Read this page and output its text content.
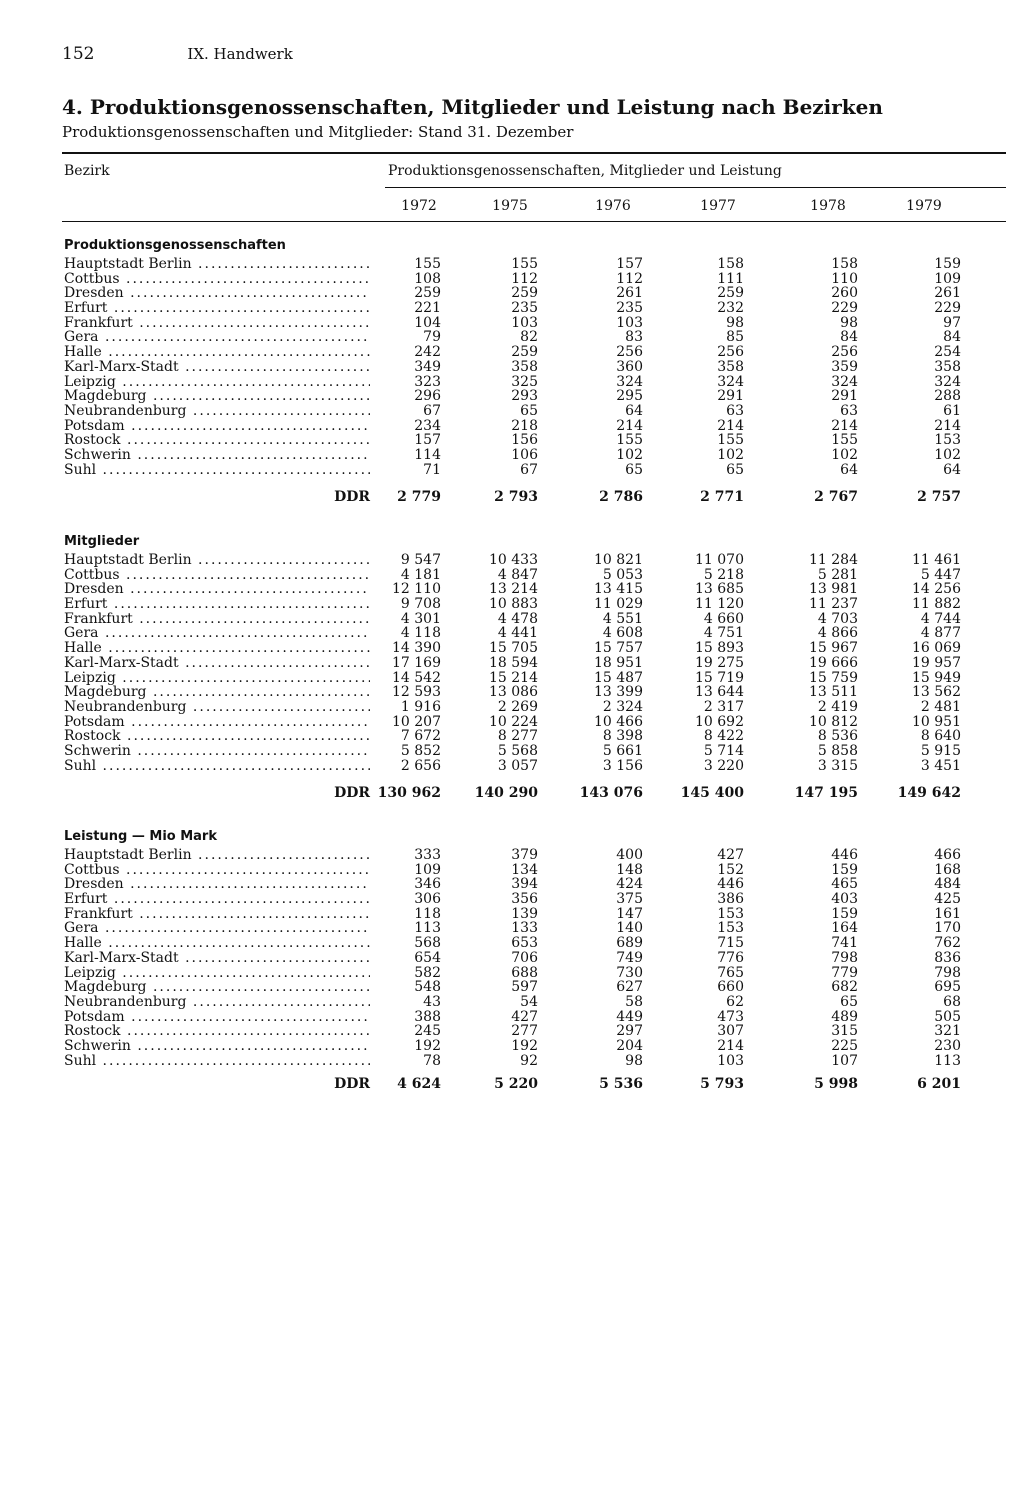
152	IX. Handwerk
4. Produktionsgenossenschaften, Mitglieder und Leistung nach Bezirken
Produktionsgenossenschaften und Mitglieder: Stand 31. Dezember
Bezirk	Produktionsgenossenschaften, Mitglieder und Leistung
1972	1975	1976	1977	1978	1979
Produktionsgenossenschaften
Hauptstadt Berlin .....	155	155	157	158	158	159
Cottbus .....	108	112	112	111	110	109
Dresden .....	259	259	261	259	260	261
Erfurt .....	221	235	235	232	229	229
Frankfurt .....	104	103	103	98	98	97
Gera .....	79	82	83	85	84	84
Halle .....	242	259	256	256	256	254
Karl-Marx-Stadt .....	349	358	360	358	359	358
Leipzig .....	323	325	324	324	324	324
Magdeburg .....	296	293	295	291	291	288
Neubrandenburg .....	67	65	64	63	63	61
Potsdam .....	234	218	214	214	214	214
Rostock .....	157	156	155	155	155	153
Schwerin .....	114	106	102	102	102	102
Suhl .....	71	67	65	65	64	64
DDR	2 779	2 793	2 786	2 771	2 767	2 757
Mitglieder
Hauptstadt Berlin .....	9 547	10 433	10 821	11 070	11 284	11 461
Cottbus .....	4 181	4 847	5 053	5 218	5 281	5 447
Dresden .....	12 110	13 214	13 415	13 685	13 981	14 256
Erfurt .....	9 708	10 883	11 029	11 120	11 237	11 882
Frankfurt .....	4 301	4 478	4 551	4 660	4 703	4 744
Gera .....	4 118	4 441	4 608	4 751	4 866	4 877
Halle .....	14 390	15 705	15 757	15 893	15 967	16 069
Karl-Marx-Stadt .....	17 169	18 594	18 951	19 275	19 666	19 957
Leipzig .....	14 542	15 214	15 487	15 719	15 759	15 949
Magdeburg .....	12 593	13 086	13 399	13 644	13 511	13 562
Neubrandenburg .....	1 916	2 269	2 324	2 317	2 419	2 481
Potsdam .....	10 207	10 224	10 466	10 692	10 812	10 951
Rostock .....	7 672	8 277	8 398	8 422	8 536	8 640
Schwerin .....	5 852	5 568	5 661	5 714	5 858	5 915
Suhl .....	2 656	3 057	3 156	3 220	3 315	3 451
DDR 130 962	140 290	143 076	145 400	147 195	149 642
Leistung — Mio Mark
Hauptstadt Berlin .....	333	379	400	427	446	466
Cottbus .....	109	134	148	152	159	168
Dresden .....	346	394	424	446	465	484
Erfurt .....	306	356	375	386	403	425
Frankfurt .....	118	139	147	153	159	161
Gera .....	113	133	140	153	164	170
Halle .....	568	653	689	715	741	762
Karl-Marx-Stadt .....	654	706	749	776	798	836
Leipzig .....	582	688	730	765	779	798
Magdeburg .....	548	597	627	660	682	695
Neubrandenburg .....	43	54	58	62	65	68
Potsdam .....	388	427	449	473	489	505
Rostock .....	245	277	297	307	315	321
Schwerin .....	192	192	204	214	225	230
Suhl .....	78	92	98	103	107	113
DDR	4 624	5 220	5 536	5 793	5 998	6 201
